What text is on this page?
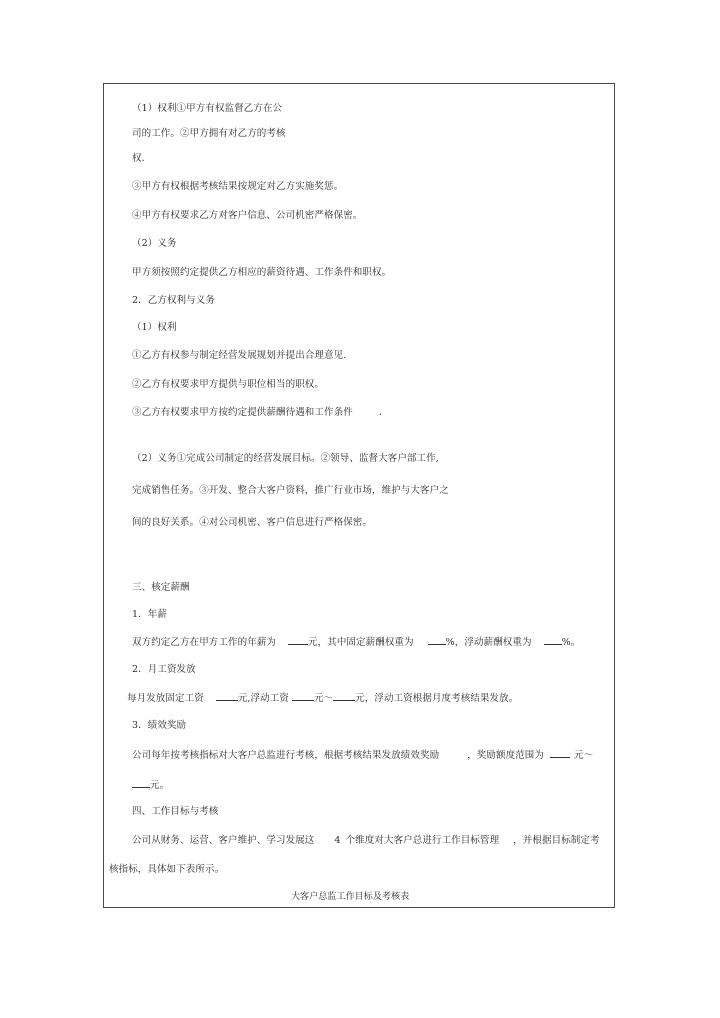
（1）权利①甲方有权监督乙方在公
司的工作。②甲方拥有对乙方的考核
权．
③甲方有权根据考核结果按规定对乙方实施奖惩。
④甲方有权要求乙方对客户信息、公司机密严格保密。
（2）义务
甲方须按照约定提供乙方相应的薪资待遇、工作条件和职权。
2．乙方权利与义务
（1）权利
①乙方有权参与制定经营发展规划并提出合理意见.
②乙方有权要求甲方提供与职位相当的职权。
③乙方有权要求甲方按约定提供薪酬待遇和工作条件	．
（2）义务①完成公司制定的经营发展目标。②领导、监督大客户部工作,
完成销售任务。③开发、整合大客户资料，推广行业市场，维护与大客户之
间的良好关系。④对公司机密、客户信息进行严格保密。
三、核定薪酬
1．年薪
双方约定乙方在甲方工作的年薪为	元，其中固定薪酬权重为	%，浮动薪酬权重为	%。
2．月工资发放
每月发放固定工资	元,浮动工资	元～ 元，浮动工资根据月度考核结果发放。
3．绩效奖励
公司每年按考核指标对大客户总监进行考核，根据考核结果发放绩效奖励	，奖励额度范围为	元～
元。
四、工作目标与考核
公司从财务、运营、客户维护、学习发展这 4 个维度对大客户总进行工作目标管理 ，并根据目标制定考
核指标，具体如下表所示。
大客户总监工作目标及考核表
